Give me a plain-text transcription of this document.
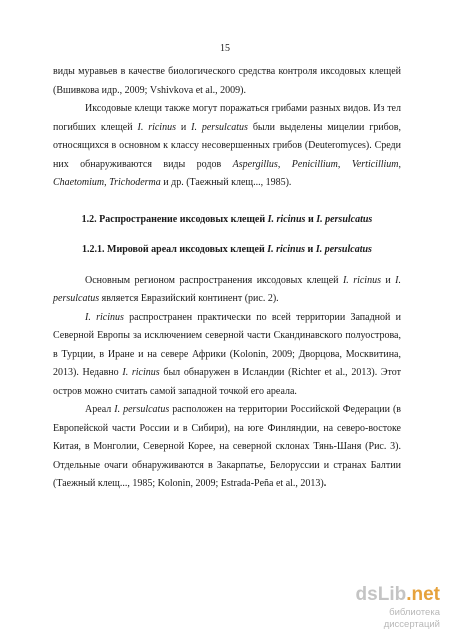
15

виды муравьев в качестве биологического средства контроля иксодовых клещей (Вшивкова идр., 2009; Vshivkova et al., 2009).

Иксодовые клещи также могут поражаться грибами разных видов. Из тел погибших клещей I. ricinus и I. persulcatus были выделены мицелии грибов, относящихся в основном к классу несовершенных грибов (Deuteromyces). Среди них обнаруживаются виды родов Aspergillus, Penicillium, Verticillium, Chaetomium, Trichoderma и др. (Таежный клещ..., 1985).

1.2. Распространение иксодовых клещей I. ricinus и I. persulcatus

1.2.1. Мировой ареал иксодовых клещей I. ricinus и I. persulcatus

Основным регионом распространения иксодовых клещей I. ricinus и I. persulcatus является Евразийский континент (рис. 2).

I. ricinus распространен практически по всей территории Западной и Северной Европы за исключением северной части Скандинавского полуострова, в Турции, в Иране и на севере Африки (Kolonin, 2009; Дворцова, Москвитина, 2013). Недавно I. ricinus был обнаружен в Исландии (Richter et al., 2013). Этот остров можно считать самой западной точкой его ареала.

Ареал I. persulcatus расположен на территории Российской Федерации (в Европейской части России и в Сибири), на юге Финляндии, на северо-востоке Китая, в Монголии, Северной Корее, на северной склонах Тянь-Шаня (Рис. 3). Отдельные очаги обнаруживаются в Закарпатье, Белоруссии и странах Балтии (Таежный клещ..., 1985; Kolonin, 2009; Estrada-Peña et al., 2013).

dsLib.net
библиотека диссертаций
